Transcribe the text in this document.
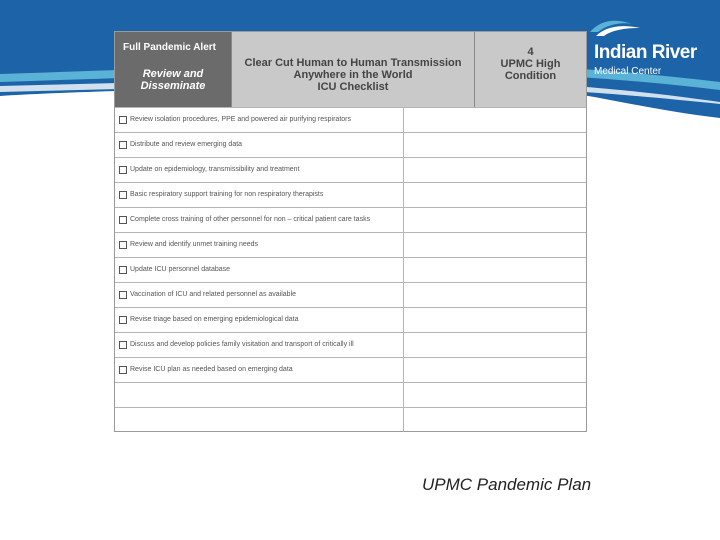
Indian River
Medical Center
Full Pandemic Alert
Review and
Disseminate
Clear Cut Human to Human Transmission
Anywhere in the World
ICU Checklist
4
UPMC High
Condition
Review isolation procedures, PPE and powered air purifying respirators
Distribute and review emerging data
Update on epidemiology, transmissibility and treatment
Basic respiratory support training for non respiratory therapists
Complete cross training of other personnel for non – critical patient care tasks
Review and identify unmet training needs
Update ICU personnel database
Vaccination of ICU and related personnel as available
Revise triage based on emerging epidemiological data
Discuss and develop policies family visitation and transport of critically ill
Revise ICU plan as needed based on emerging data
UPMC Pandemic Plan
